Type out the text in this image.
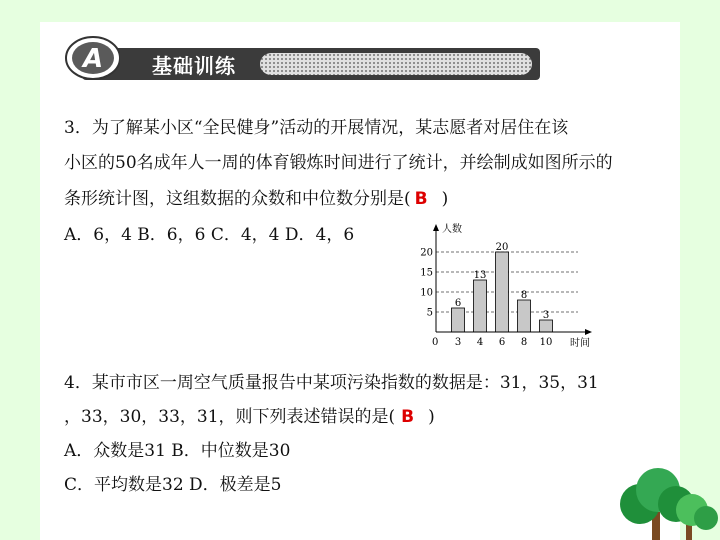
A 基础训练
3．为了解某小区“全民健身”活动的开展情况，某志愿者对居住在该
小区的50名成年人一周的体育锻炼时间进行了统计，并绘制成如图所示的
条形统计图，这组数据的众数和中位数分别是( B )
A．6，4 B．6，6 C．4，4 D．4，6
5
10
15
20
6
3
13
4
20
6
8
8
3
10
人数
时间
0
4．某市市区一周空气质量报告中某项污染指数的数据是：31，35，31
，33，30，33，31，则下列表述错误的是( B )
A．众数是31 B．中位数是30
C．平均数是32 D．极差是5
